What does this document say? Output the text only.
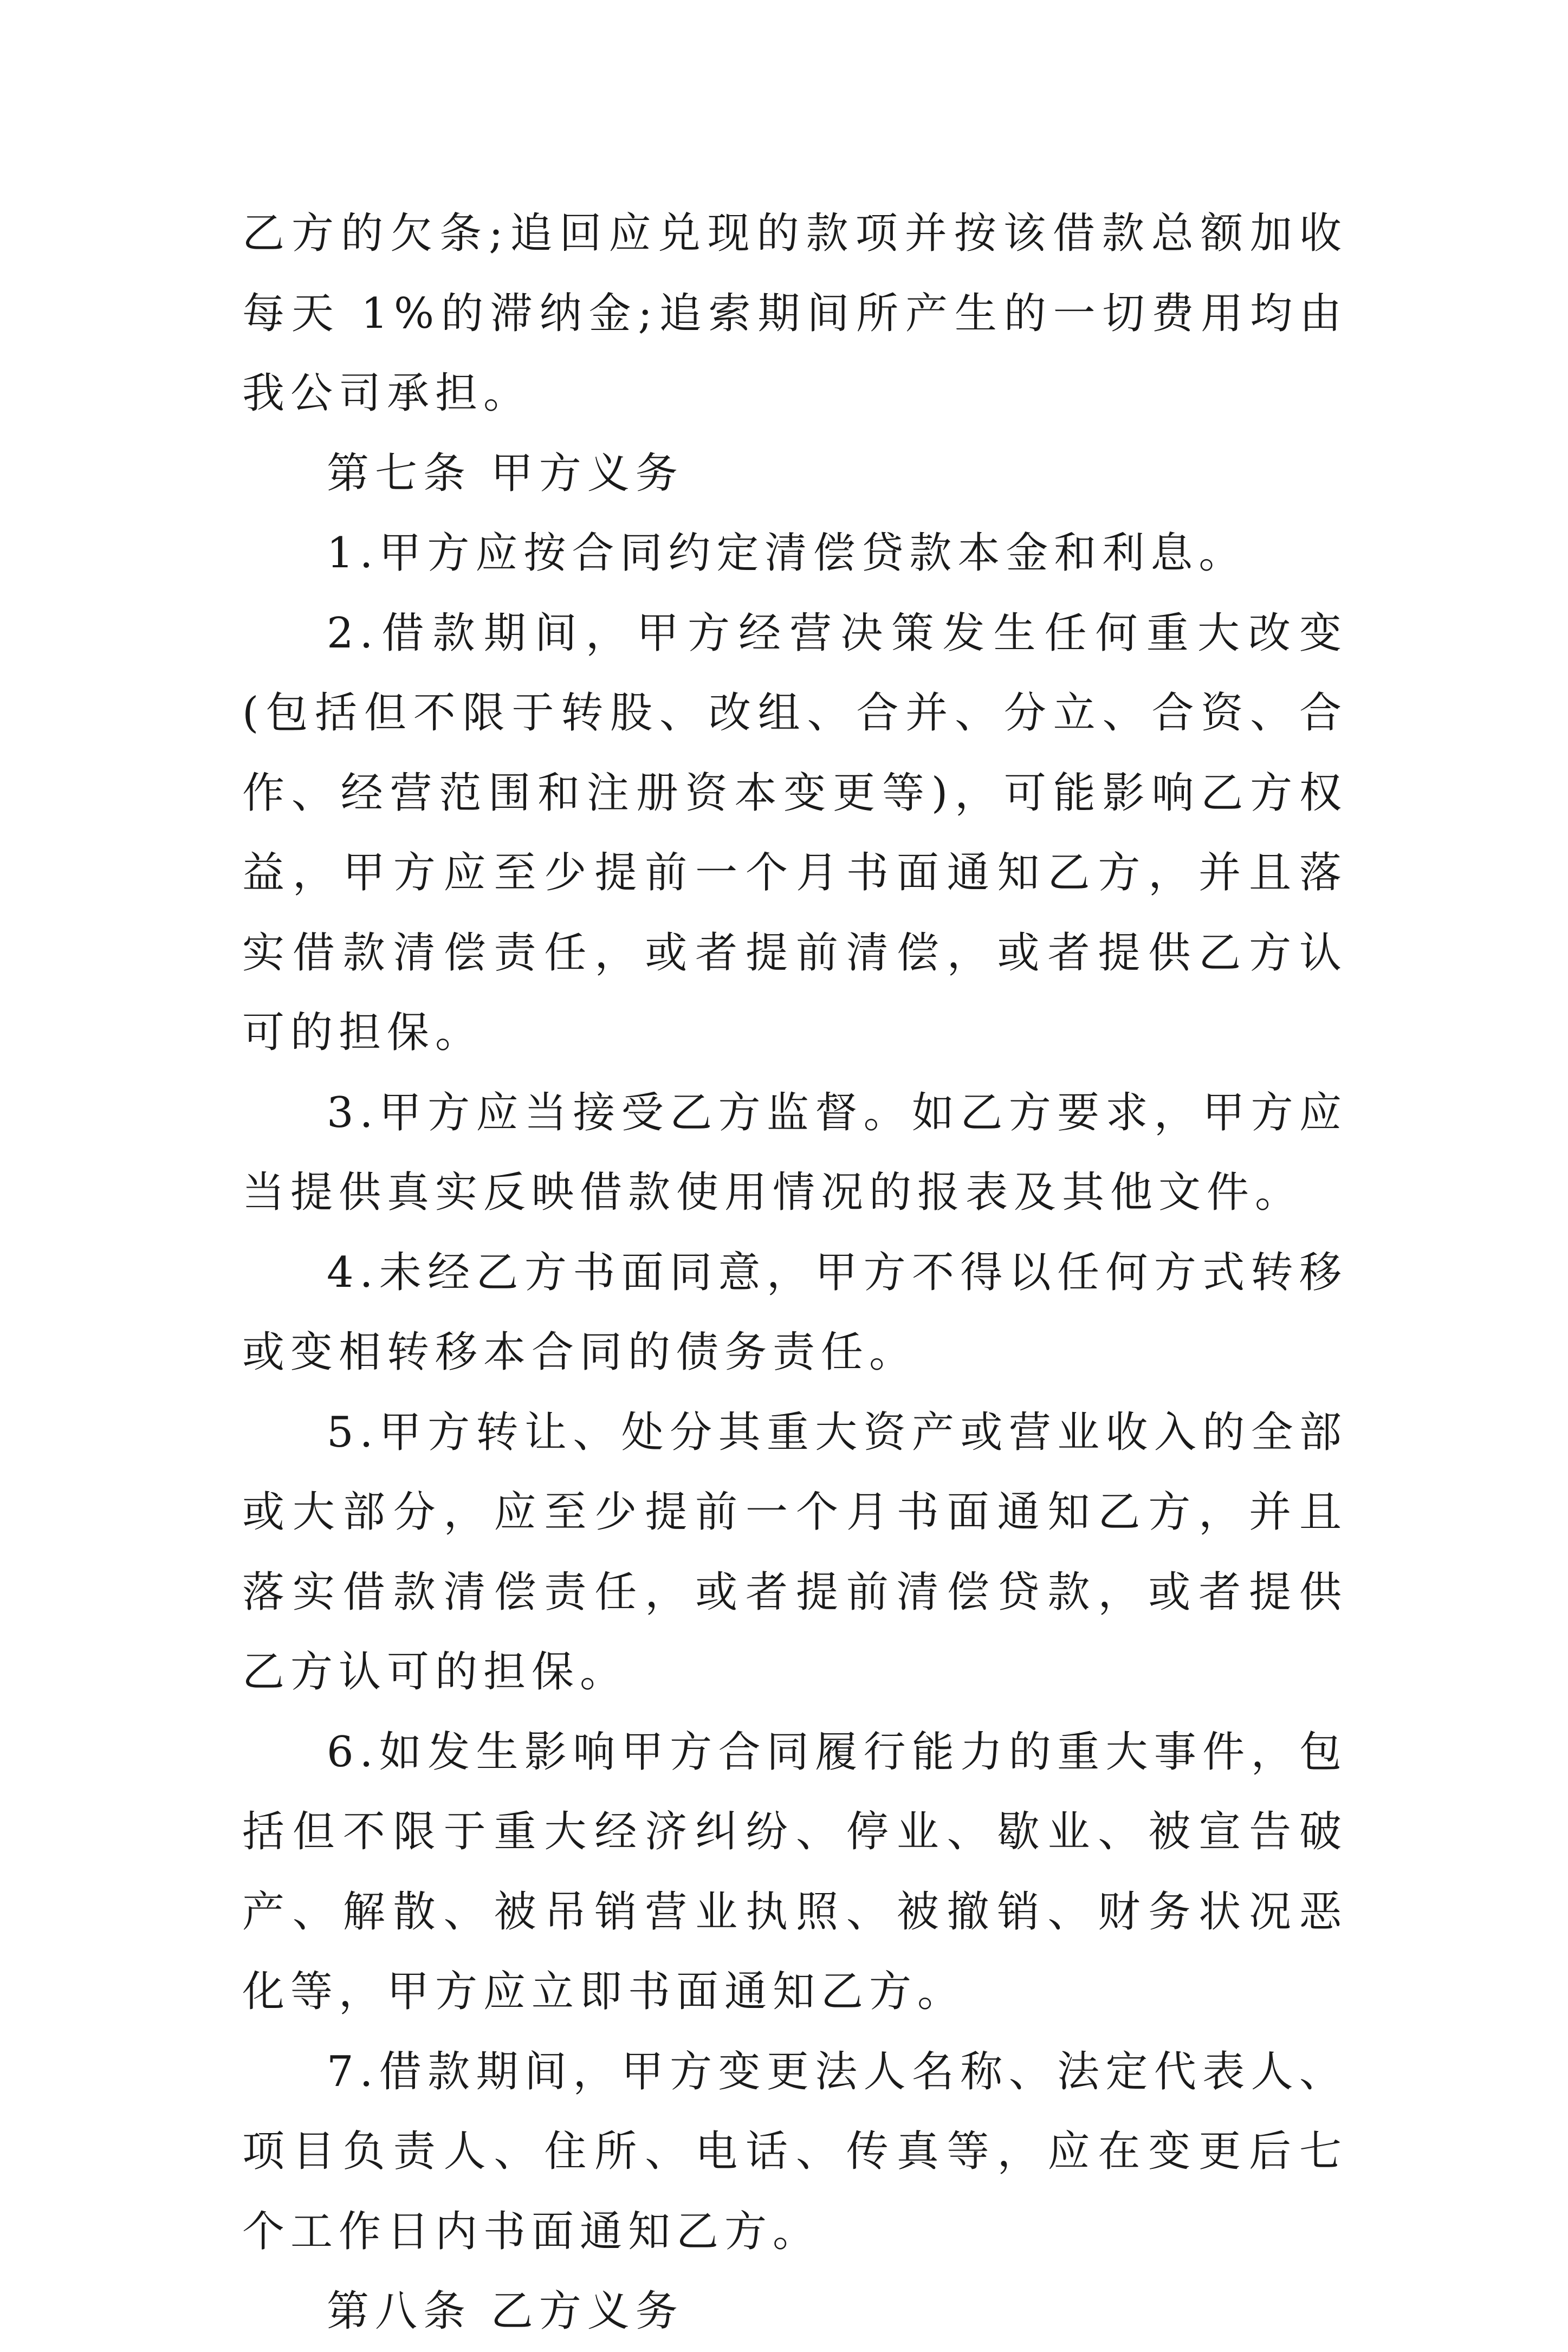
乙方的欠条;追回应兑现的款项并按该借款总额加收每天 1%的滞纳金;追索期间所产生的一切费用均由我公司承担。

第七条 甲方义务

1.甲方应按合同约定清偿贷款本金和利息。

2.借款期间，甲方经营决策发生任何重大改变(包括但不限于转股、改组、合并、分立、合资、合作、经营范围和注册资本变更等)，可能影响乙方权益，甲方应至少提前一个月书面通知乙方，并且落实借款清偿责任，或者提前清偿，或者提供乙方认可的担保。

3.甲方应当接受乙方监督。如乙方要求，甲方应当提供真实反映借款使用情况的报表及其他文件。

4.未经乙方书面同意，甲方不得以任何方式转移或变相转移本合同的债务责任。

5.甲方转让、处分其重大资产或营业收入的全部或大部分，应至少提前一个月书面通知乙方，并且落实借款清偿责任，或者提前清偿贷款，或者提供乙方认可的担保。

6.如发生影响甲方合同履行能力的重大事件，包括但不限于重大经济纠纷、停业、歇业、被宣告破产、解散、被吊销营业执照、被撤销、财务状况恶化等，甲方应立即书面通知乙方。

7.借款期间，甲方变更法人名称、法定代表人、项目负责人、住所、电话、传真等，应在变更后七个工作日内书面通知乙方。

第八条 乙方义务
